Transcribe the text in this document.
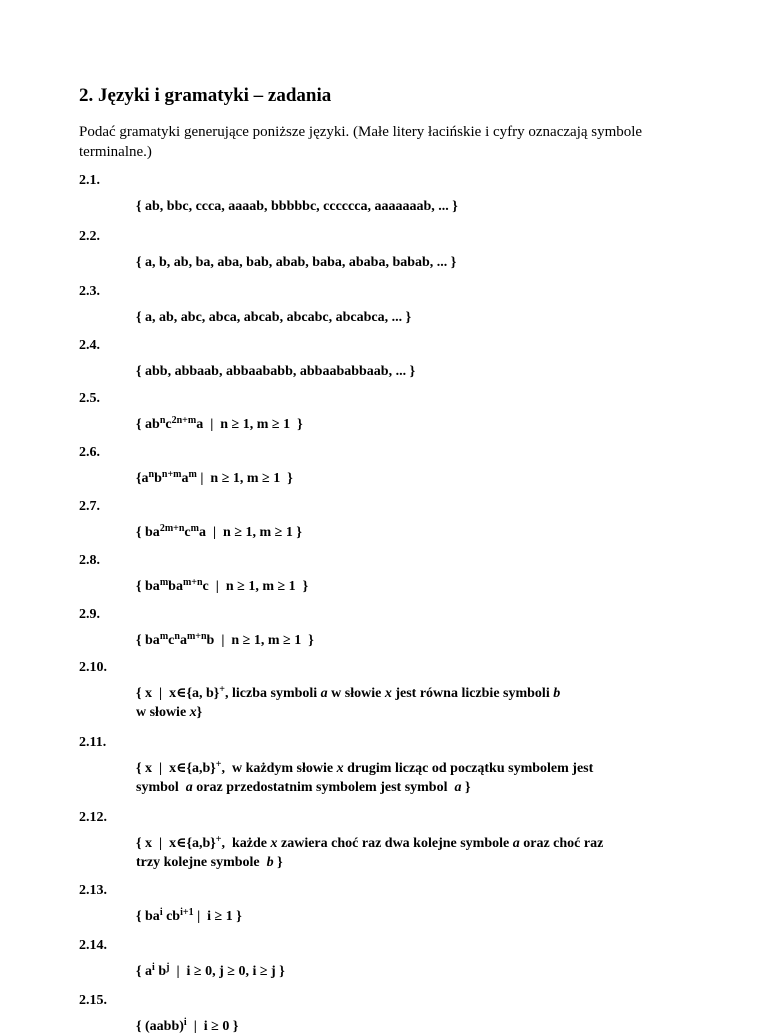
2. Języki i gramatyki – zadania

Podać gramatyki generujące poniższe języki. (Małe litery łacińskie i cyfry oznaczają symbole terminalne.)

2.1.
{ ab, bbc, ccca, aaaab, bbbbbc, cccccca, aaaaaaab, ... }
2.2.
{ a, b, ab, ba, aba, bab, abab, baba, ababa, babab, ... }
2.3.
{ a, ab, abc, abca, abcab, abcabc, abcabca, ... }
2.4.
{ abb, abbaab, abbaababb, abbaababbaab, ... }
2.5.
{ $ab^nc^{2n+m}a$  |  n ≥ 1, m ≥ 1  }
2.6.
{$a^nb^{n+m}a^m$ |  n ≥ 1, m ≥ 1  }
2.7.
{ $ba^{2m+n}c^ma$  |  n ≥ 1, m ≥ 1 }
2.8.
{ $ba^mba^{m+n}c$  |  n ≥ 1, m ≥ 1  }
2.9.
{ $ba^mc^na^{m+n}b$  |  n ≥ 1, m ≥ 1  }
2.10.
{ x  |  x∈{a, b}+, liczba symboli a w słowie x jest równa liczbie symboli b
w słowie x}
2.11.
{ x  |  x∈{a,b}+,  w każdym słowie x drugim licząc od początku symbolem jest
symbol  a oraz przedostatnim symbolem jest symbol  a }
2.12.
{ x  |  x∈{a,b}+,  każde x zawiera choć raz dwa kolejne symbole a oraz choć raz
trzy kolejne symbole  b }
2.13.
{ $ba^i$ $cb^{i+1}$ |  i ≥ 1 }
2.14.
{ $a^i$ $b^j$  |  i ≥ 0, j ≥ 0, i ≥ j }
2.15.
{ (aabb)$^i$  |  i ≥ 0 }
